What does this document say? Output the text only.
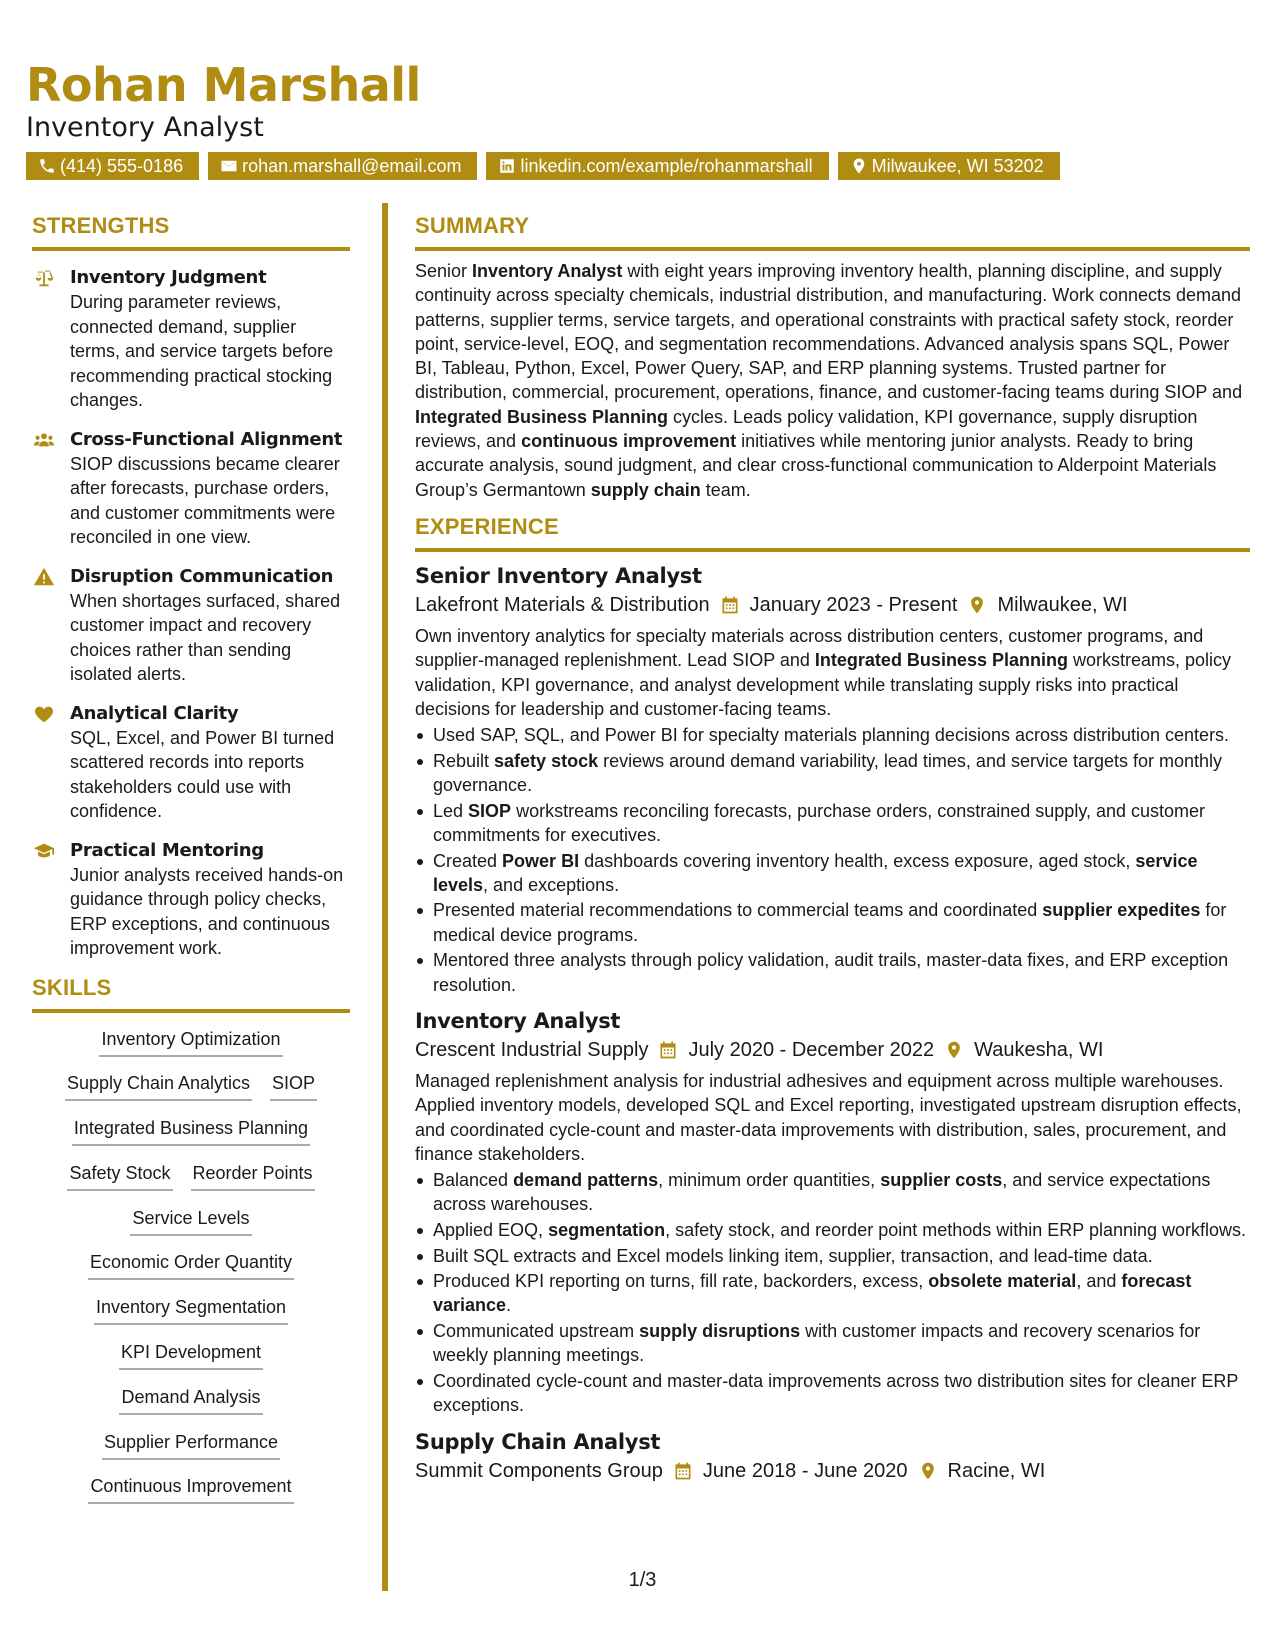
Rohan Marshall
Inventory Analyst
(414) 555-0186	rohan.marshall@email.com	linkedin.com/example/rohanmarshall	Milwaukee, WI 53202
STRENGTHS
Inventory Judgment
During parameter reviews, connected demand, supplier terms, and service targets before recommending practical stocking changes.
Cross-Functional Alignment
SIOP discussions became clearer after forecasts, purchase orders, and customer commitments were reconciled in one view.
Disruption Communication
When shortages surfaced, shared customer impact and recovery choices rather than sending isolated alerts.
Analytical Clarity
SQL, Excel, and Power BI turned scattered records into reports stakeholders could use with confidence.
Practical Mentoring
Junior analysts received hands-on guidance through policy checks, ERP exceptions, and continuous improvement work.
SKILLS
Inventory Optimization
Supply Chain Analytics SIOP
Integrated Business Planning
Safety Stock Reorder Points
Service Levels
Economic Order Quantity
Inventory Segmentation
KPI Development
Demand Analysis
Supplier Performance
Continuous Improvement
SUMMARY
Senior Inventory Analyst with eight years improving inventory health, planning discipline, and supply continuity across specialty chemicals, industrial distribution, and manufacturing. Work connects demand patterns, supplier terms, service targets, and operational constraints with practical safety stock, reorder point, service-level, EOQ, and segmentation recommendations. Advanced analysis spans SQL, Power BI, Tableau, Python, Excel, Power Query, SAP, and ERP planning systems. Trusted partner for distribution, commercial, procurement, operations, finance, and customer-facing teams during SIOP and Integrated Business Planning cycles. Leads policy validation, KPI governance, supply disruption reviews, and continuous improvement initiatives while mentoring junior analysts. Ready to bring accurate analysis, sound judgment, and clear cross-functional communication to Alderpoint Materials Group’s Germantown supply chain team.
EXPERIENCE
Senior Inventory Analyst
Lakefront Materials & Distribution January 2023 - Present Milwaukee, WI
Own inventory analytics for specialty materials across distribution centers, customer programs, and supplier-managed replenishment. Lead SIOP and Integrated Business Planning workstreams, policy validation, KPI governance, and analyst development while translating supply risks into practical decisions for leadership and customer-facing teams.
Used SAP, SQL, and Power BI for specialty materials planning decisions across distribution centers.
Rebuilt safety stock reviews around demand variability, lead times, and service targets for monthly governance.
Led SIOP workstreams reconciling forecasts, purchase orders, constrained supply, and customer commitments for executives.
Created Power BI dashboards covering inventory health, excess exposure, aged stock, service levels, and exceptions.
Presented material recommendations to commercial teams and coordinated supplier expedites for medical device programs.
Mentored three analysts through policy validation, audit trails, master-data fixes, and ERP exception resolution.
Inventory Analyst
Crescent Industrial Supply July 2020 - December 2022 Waukesha, WI
Managed replenishment analysis for industrial adhesives and equipment across multiple warehouses. Applied inventory models, developed SQL and Excel reporting, investigated upstream disruption effects, and coordinated cycle-count and master-data improvements with distribution, sales, procurement, and finance stakeholders.
Balanced demand patterns, minimum order quantities, supplier costs, and service expectations across warehouses.
Applied EOQ, segmentation, safety stock, and reorder point methods within ERP planning workflows.
Built SQL extracts and Excel models linking item, supplier, transaction, and lead-time data.
Produced KPI reporting on turns, fill rate, backorders, excess, obsolete material, and forecast variance.
Communicated upstream supply disruptions with customer impacts and recovery scenarios for weekly planning meetings.
Coordinated cycle-count and master-data improvements across two distribution sites for cleaner ERP exceptions.
Supply Chain Analyst
Summit Components Group June 2018 - June 2020 Racine, WI
1/3
